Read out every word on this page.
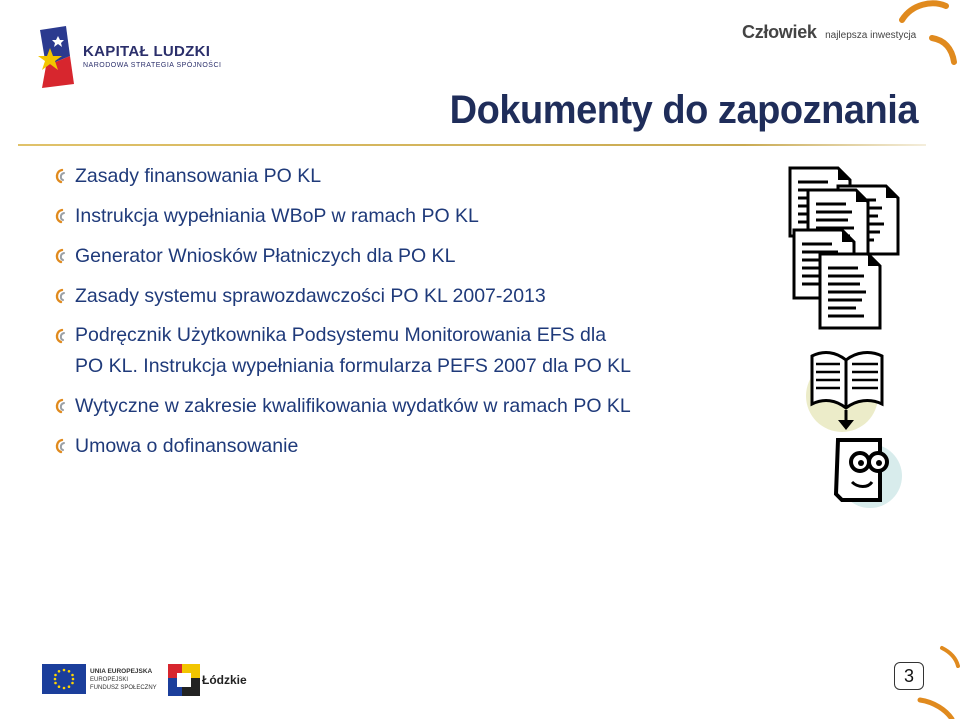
KAPITAŁ LUDZKI
NARODOWA STRATEGIA SPÓJNOŚCI
Człowiek najlepsza inwestycja
Dokumenty do zapoznania
Zasady finansowania PO KL
Instrukcja wypełniania WBoP w ramach PO KL
Generator Wniosków Płatniczych dla PO KL
Zasady systemu sprawozdawczości PO KL 2007-2013
Podręcznik Użytkownika Podsystemu Monitorowania EFS dla
PO KL. Instrukcja wypełniania formularza PEFS 2007 dla PO KL
Wytyczne w zakresie kwalifikowania wydatków w ramach PO KL
Umowa o dofinansowanie
UNIA EUROPEJSKA
EUROPEJSKI
FUNDUSZ SPOŁECZNY
Łódzkie	3
